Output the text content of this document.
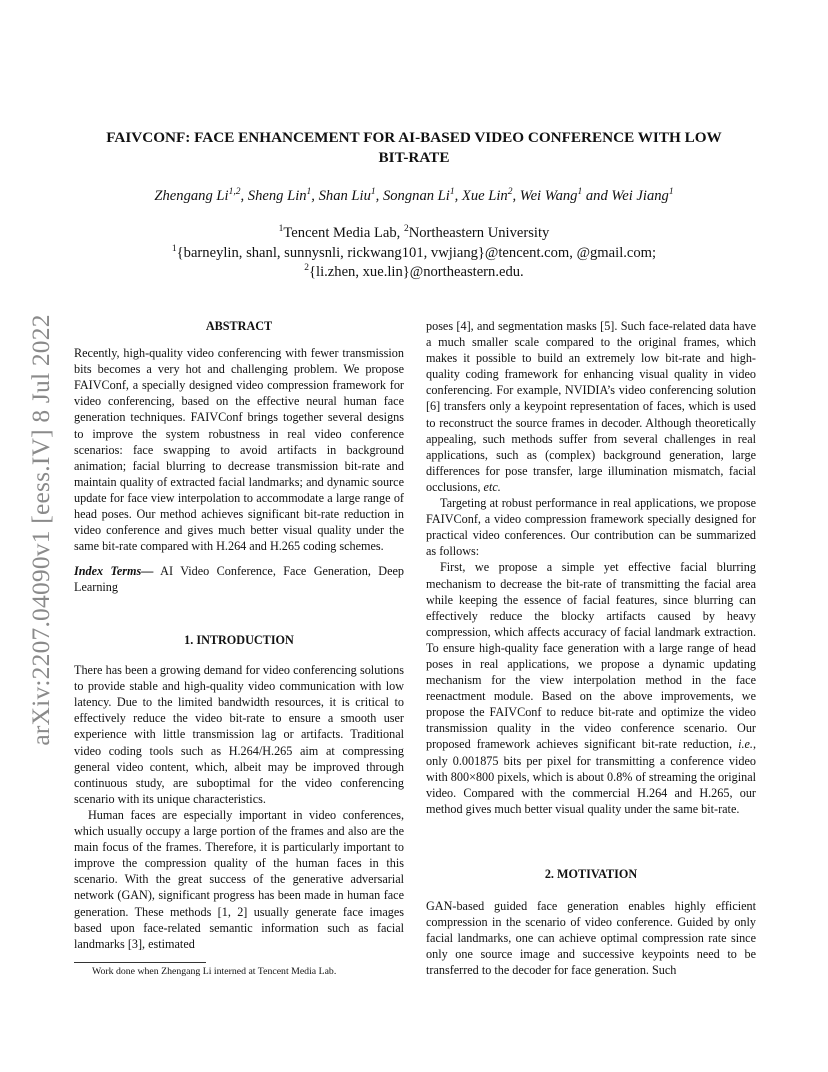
arXiv:2207.04090v1 [eess.IV] 8 Jul 2022
FAIVCONF: FACE ENHANCEMENT FOR AI-BASED VIDEO CONFERENCE WITH LOW
BIT-RATE
Zhengang Li$^{1,2}$, Sheng Lin$^1$, Shan Liu$^1$, Songnan Li$^1$, Xue Lin$^2$, Wei Wang$^1$ and Wei Jiang$^1$
$^1$Tencent Media Lab, $^2$Northeastern University
$^1${barneylin, shanl, sunnysnli, rickwang101, vwjiang}@tencent.com, @gmail.com;
$^2${li.zhen, xue.lin}@northeastern.edu.

ABSTRACT

Recently, high-quality video conferencing with fewer transmission bits becomes a very hot and challenging problem. We propose FAIVConf, a specially designed video compression framework for video conferencing, based on the effective neural human face generation techniques. FAIVConf brings together several designs to improve the system robustness in real video conference scenarios: face swapping to avoid artifacts in background animation; facial blurring to decrease transmission bit-rate and maintain quality of extracted facial landmarks; and dynamic source update for face view interpolation to accommodate a large range of head poses. Our method achieves significant bit-rate reduction in video conference and gives much better visual quality under the same bit-rate compared with H.264 and H.265 coding schemes.

Index Terms— AI Video Conference, Face Generation, Deep Learning

1. INTRODUCTION

There has been a growing demand for video conferencing solutions to provide stable and high-quality video communication with low latency. Due to the limited bandwidth resources, it is critical to effectively reduce the video bit-rate to ensure a smooth user experience with little transmission lag or artifacts. Traditional video coding tools such as H.264/H.265 aim at compressing general video content, which, albeit may be improved through continuous study, are suboptimal for the video conferencing scenario with its unique characteristics.

Human faces are especially important in video conferences, which usually occupy a large portion of the frames and also are the main focus of the frames. Therefore, it is particularly important to improve the compression quality of the human faces in this scenario. With the great success of the generative adversarial network (GAN), significant progress has been made in human face generation. These methods [1, 2] usually generate face images based upon face-related semantic information such as facial landmarks [3], estimated

Work done when Zhengang Li interned at Tencent Media Lab.

poses [4], and segmentation masks [5]. Such face-related data have a much smaller scale compared to the original frames, which makes it possible to build an extremely low bit-rate and high-quality coding framework for enhancing visual quality in video conferencing. For example, NVIDIA’s video conferencing solution [6] transfers only a keypoint representation of faces, which is used to reconstruct the source frames in decoder. Although theoretically appealing, such methods suffer from several challenges in real applications, such as (complex) background generation, large differences for pose transfer, large illumination mismatch, facial occlusions, etc.

Targeting at robust performance in real applications, we propose FAIVConf, a video compression framework specially designed for practical video conferences. Our contribution can be summarized as follows:

First, we propose a simple yet effective facial blurring mechanism to decrease the bit-rate of transmitting the facial area while keeping the essence of facial features, since blurring can effectively reduce the blocky artifacts caused by heavy compression, which affects accuracy of facial landmark extraction. To ensure high-quality face generation with a large range of head poses in real applications, we propose a dynamic updating mechanism for the view interpolation method in the face reenactment module. Based on the above improvements, we propose the FAIVConf to reduce bit-rate and optimize the video transmission quality in the video conference scenario. Our proposed framework achieves significant bit-rate reduction, i.e., only 0.001875 bits per pixel for transmitting a conference video with 800×800 pixels, which is about 0.8% of streaming the original video. Compared with the commercial H.264 and H.265, our method gives much better visual quality under the same bit-rate.

2. MOTIVATION

GAN-based guided face generation enables highly efficient compression in the scenario of video conference. Guided by only facial landmarks, one can achieve optimal compression rate since only one source image and successive keypoints need to be transferred to the decoder for face generation. Such
